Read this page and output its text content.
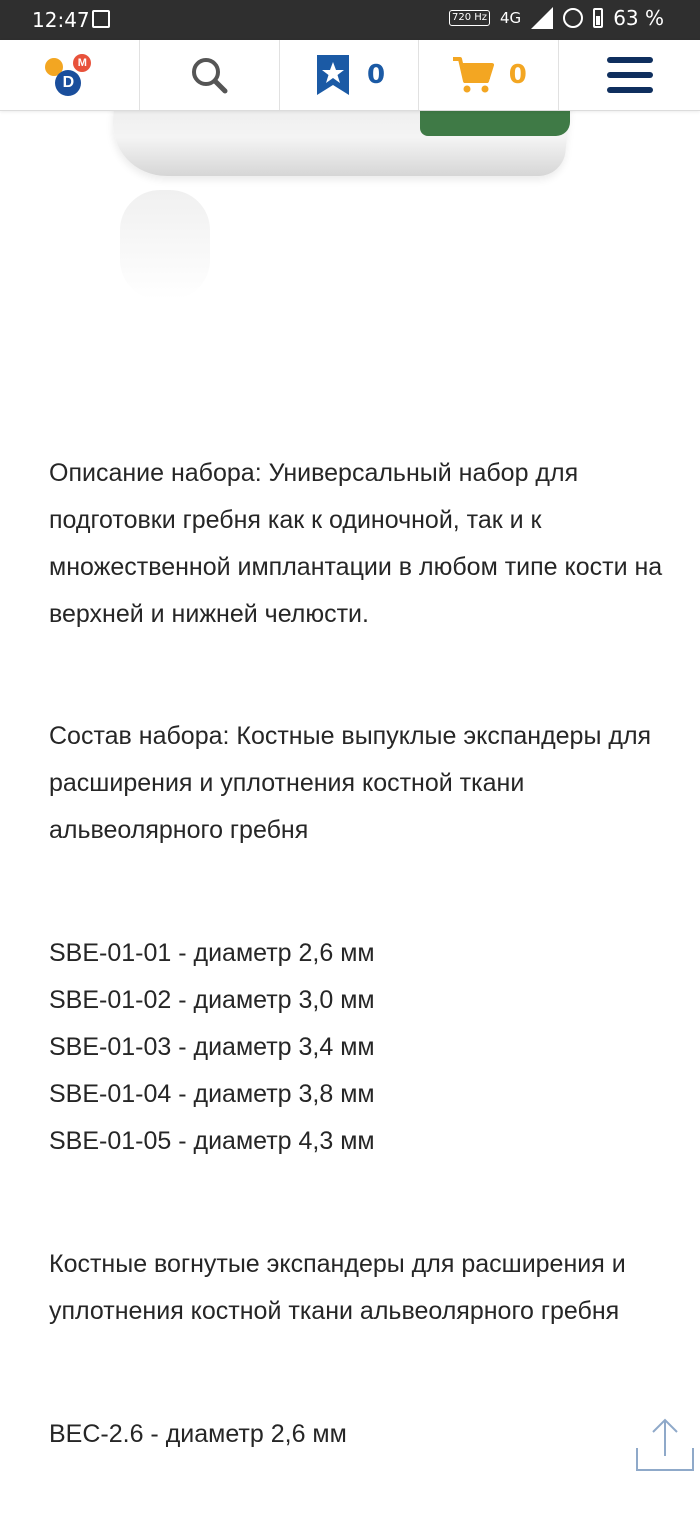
12:47	720 Hz 4G	63 %
M
D	0	0

Описание набора: Универсальный набор для подготовки гребня как к одиночной, так и к множественной имплантации в любом типе кости на верхней и нижней челюсти.

Состав набора: Костные выпуклые экспандеры для расширения и уплотнения костной ткани альвеолярного гребня

SBE-01-01 - диаметр 2,6 мм

SBE-01-02 - диаметр 3,0 мм

SBE-01-03 - диаметр 3,4 мм

SBE-01-04 - диаметр 3,8 мм

SBE-01-05 - диаметр 4,3 мм

Костные вогнутые экспандеры для расширения и уплотнения костной ткани альвеолярного гребня

BEC-2.6 - диаметр 2,6 мм
